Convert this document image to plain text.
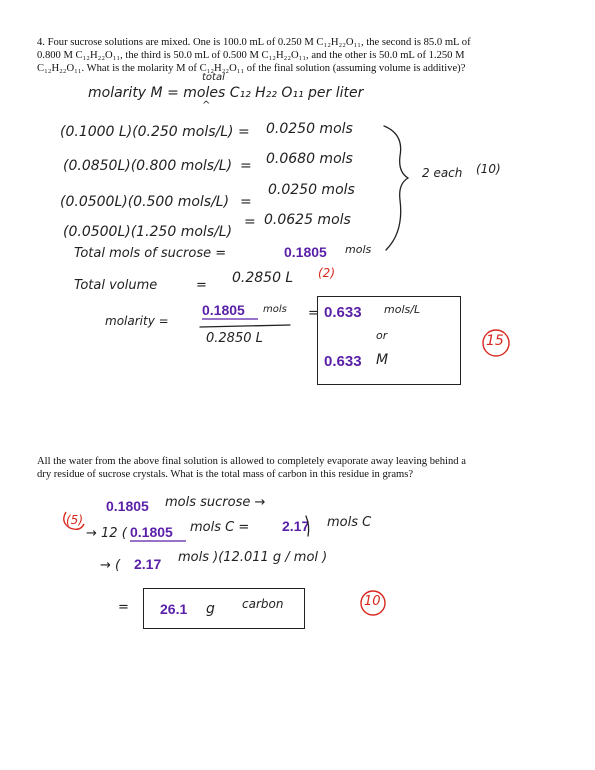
4. Four sucrose solutions are mixed. One is 100.0 mL of 0.250 M C₁₂H₂₂O₁₁, the second is 85.0 mL of

0.800 M C₁₂H₂₂O₁₁, the third is 50.0 mL of 0.500 M C₁₂H₂₂O₁₁, and the other is 50.0 mL of 1.250 M

C₁₂H₂₂O₁₁. What is the molarity M of C₁₂H₂₂O₁₁ of the final solution (assuming volume is additive)?

total
molarity M = moles C₁₂ H₂₂ O₁₁ per liter
^
(0.1000 L)(0.250 mols/L) = 0.0250 mols
(0.0850L)(0.800 mols/L) = 0.0680 mols
(0.0500L)(0.500 mols/L) =
0.0250 mols
(0.0500L)(1.250 mols/L)
= 0.0625 mols
2 each (10)
Total mols of sucrose =	0.1805 mols
Total volume	= 0.2850 L (2)
molarity =
0.1805 mols
0.2850 L
= 0.633 mols/L
or
0.633 M
15

All the water from the above final solution is allowed to completely evaporate away leaving behind a

dry residue of sucrose crystals. What is the total mass of carbon in this residue in grams?

0.1805 mols sucrose →
(5)
→ 12 ( 0.1805 mols C = 2.17 mols C
→ ( 2.17 mols )(12.011 g / mol )
= 26.1 g carbon	10
